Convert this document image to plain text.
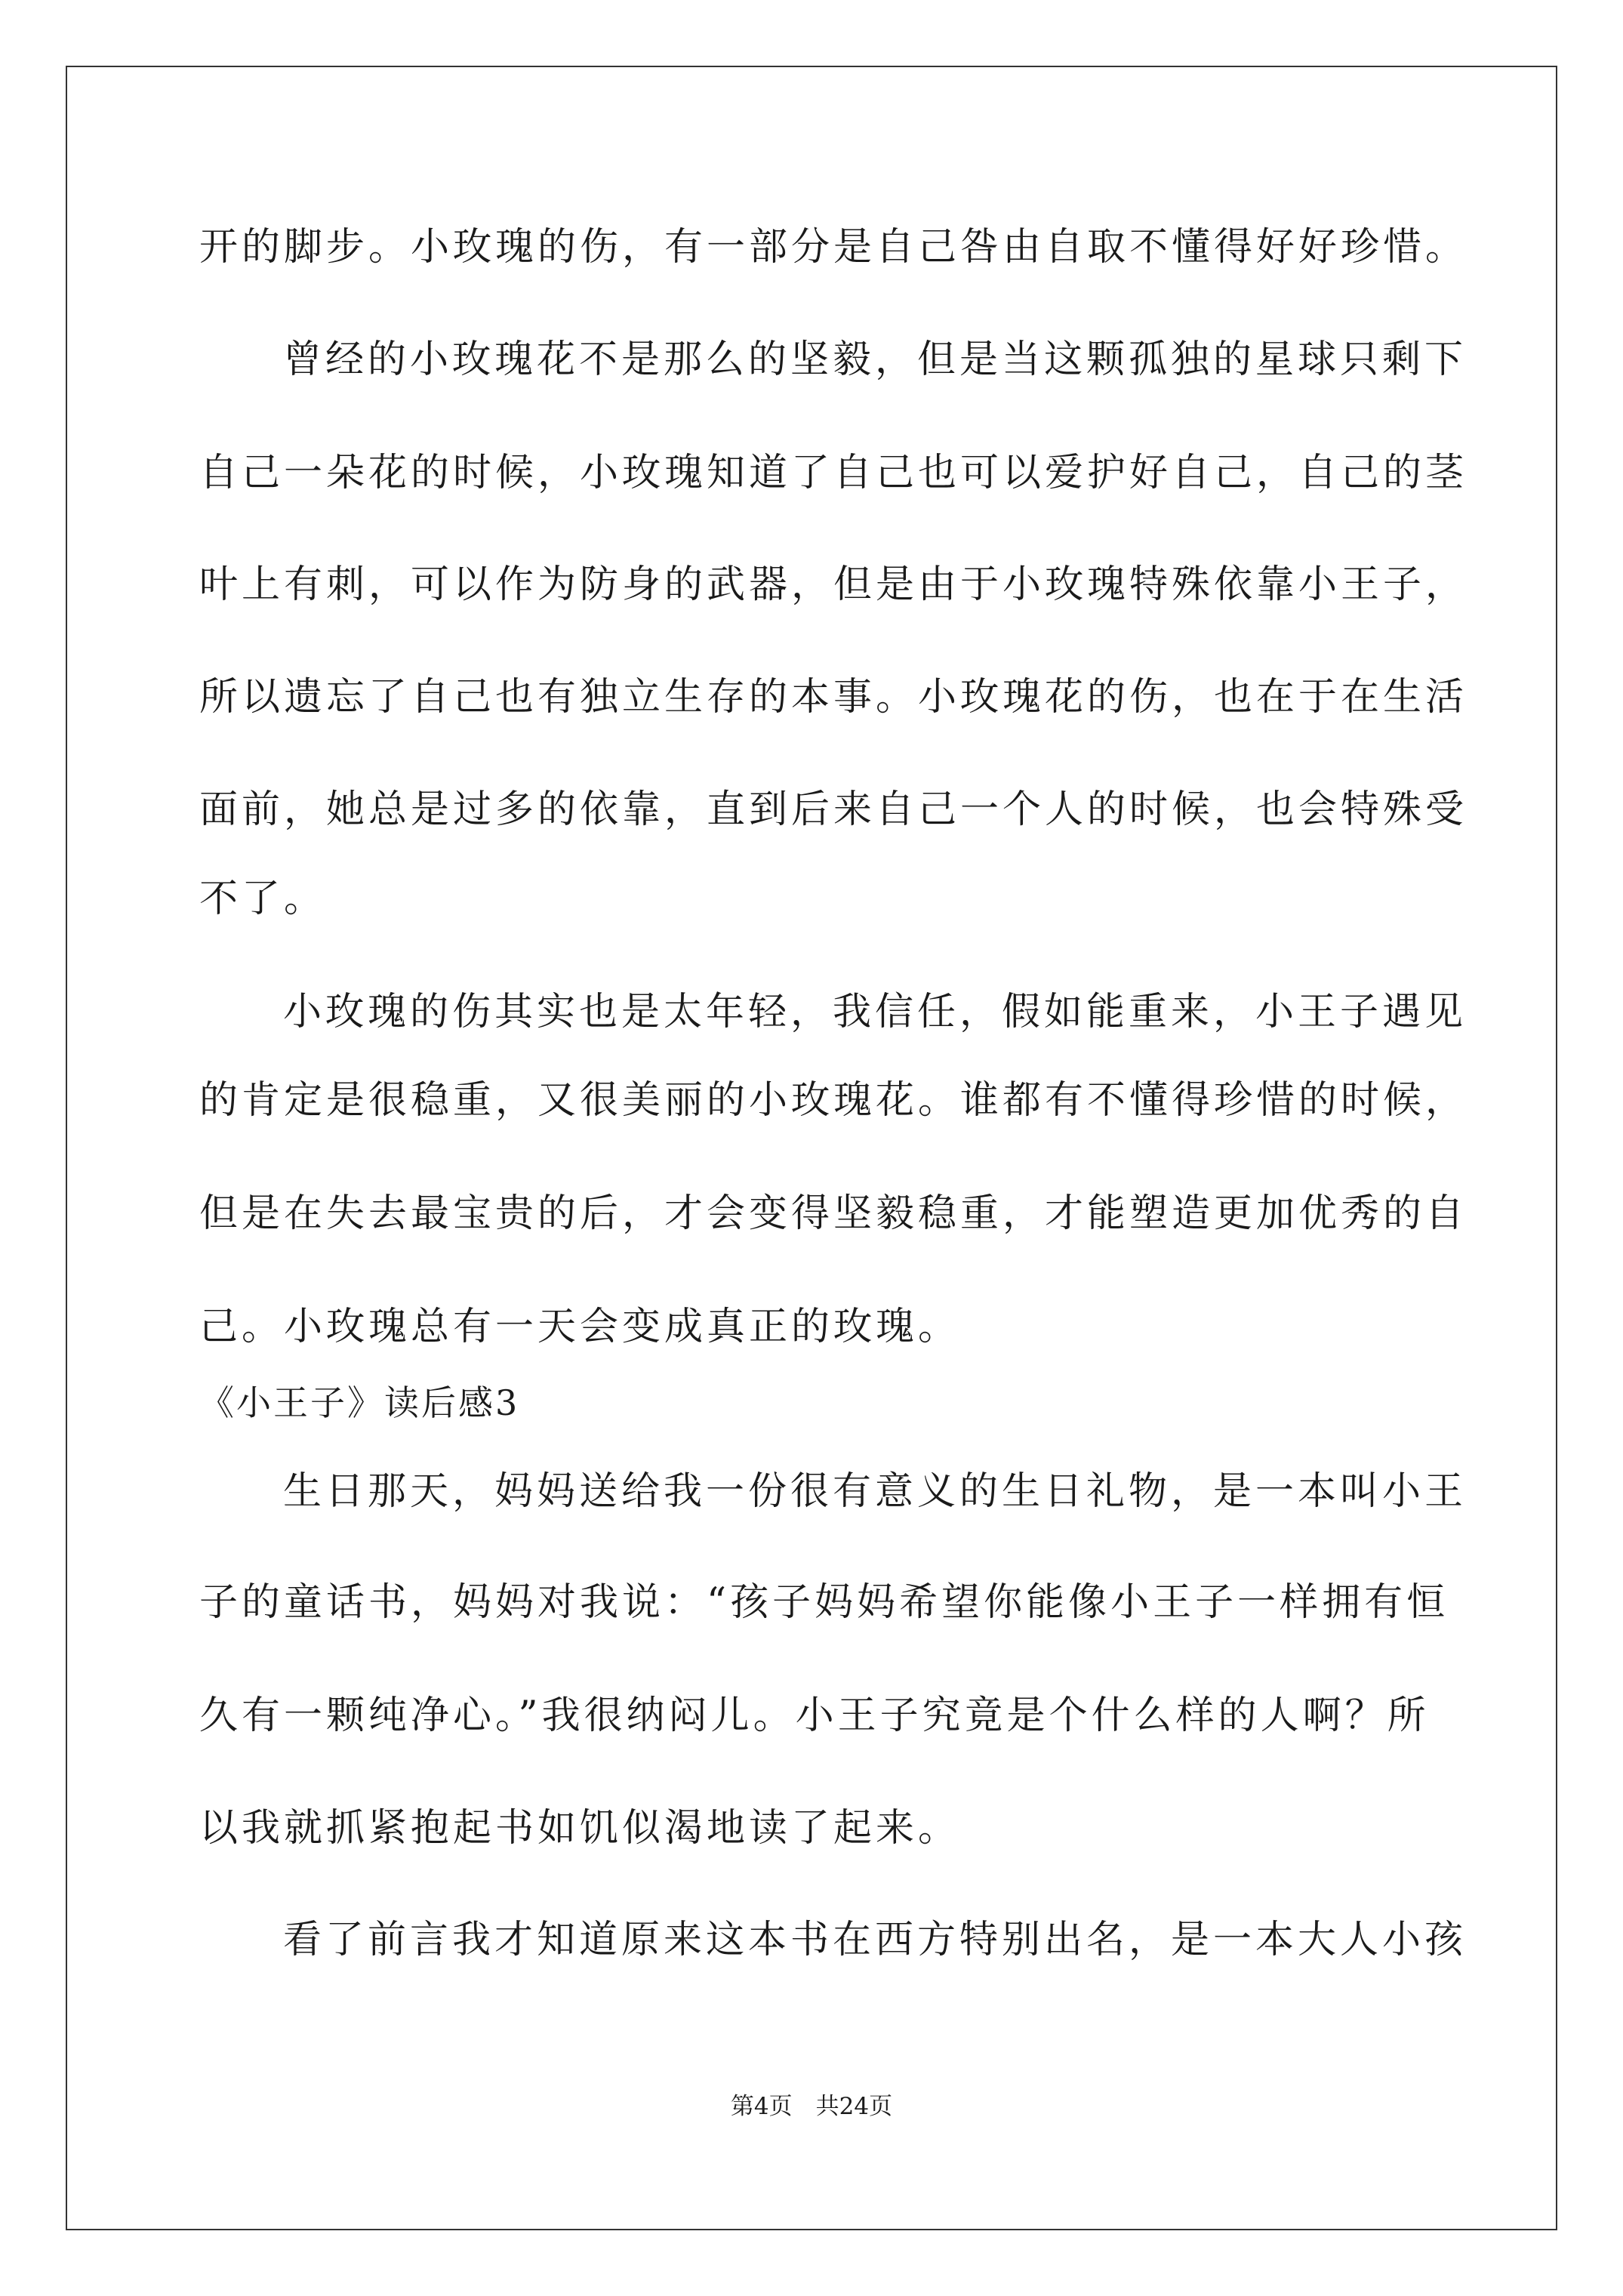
开的脚步。小玫瑰的伤，有一部分是自己咎由自取不懂得好好珍惜。
曾经的小玫瑰花不是那么的坚毅，但是当这颗孤独的星球只剩下
自己一朵花的时候，小玫瑰知道了自己也可以爱护好自己，自己的茎
叶上有刺，可以作为防身的武器，但是由于小玫瑰特殊依靠小王子，
所以遗忘了自己也有独立生存的本事。小玫瑰花的伤，也在于在生活
面前，她总是过多的依靠，直到后来自己一个人的时候，也会特殊受
不了。
小玫瑰的伤其实也是太年轻，我信任，假如能重来，小王子遇见
的肯定是很稳重，又很美丽的小玫瑰花。谁都有不懂得珍惜的时候，
但是在失去最宝贵的后，才会变得坚毅稳重，才能塑造更加优秀的自
己。小玫瑰总有一天会变成真正的玫瑰。
《小王子》读后感3
生日那天，妈妈送给我一份很有意义的生日礼物，是一本叫小王
子的童话书，妈妈对我说：“孩子妈妈希望你能像小王子一样拥有恒
久有一颗纯净心。”我很纳闷儿。小王子究竟是个什么样的人啊？所
以我就抓紧抱起书如饥似渴地读了起来。
看了前言我才知道原来这本书在西方特别出名，是一本大人小孩
第4页　共24页
